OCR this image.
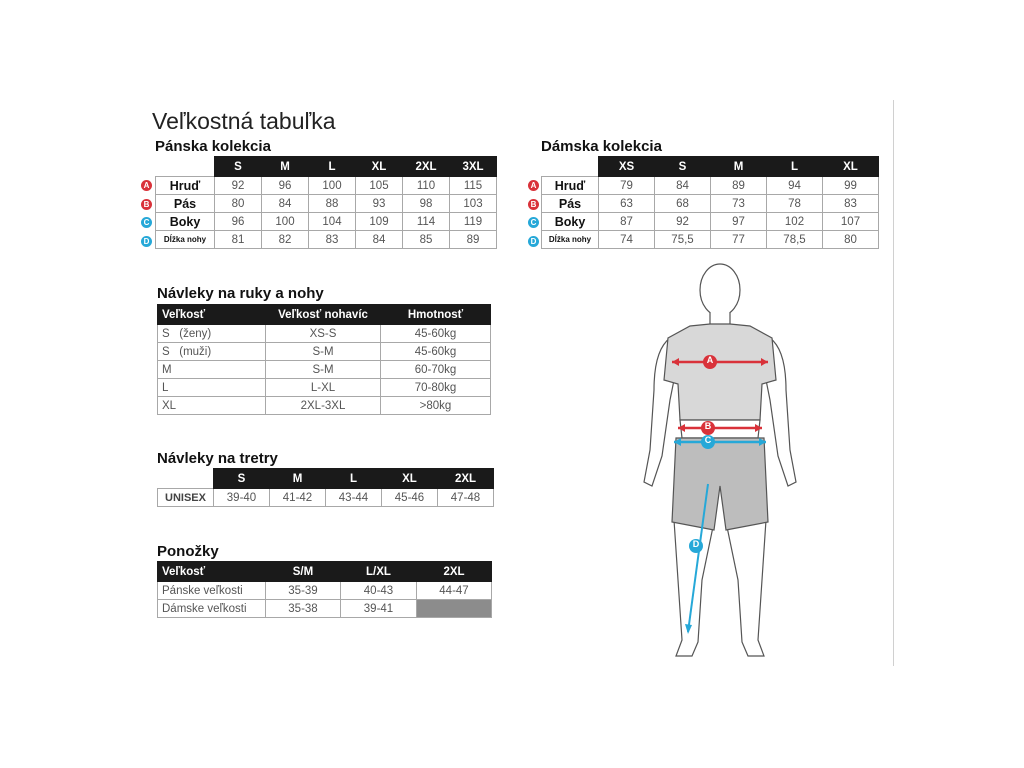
Veľkostná tabuľka
Pánska kolekcia
	S	M	L	XL	2XL	3XL
Hruď	92	96	100	105	110	115
Pás	80	84	88	93	98	103
Boky	96	100	104	109	114	119
Dĺžka nohy	81	82	83	84	85	89
A
B
C
D
Dámska kolekcia
	XS	S	M	L	XL
Hruď	79	84	89	94	99
Pás	63	68	73	78	83
Boky	87	92	97	102	107
Dĺžka nohy	74	75,5	77	78,5	80
A
B
C
D
Návleky na ruky a nohy
Veľkosť	Veľkosť nohavíc	Hmotnosť
S   (ženy)	XS-S	45-60kg
S   (muži)	S-M	45-60kg
M	S-M	60-70kg
L	L-XL	70-80kg
XL	2XL-3XL	>80kg
Návleky na tretry
	S	M	L	XL	2XL
UNISEX	39-40	41-42	43-44	45-46	47-48
Ponožky
Veľkosť	S/M	L/XL	2XL
Pánske veľkosti	35-39	40-43	44-47
Dámske veľkosti	35-38	39-41	
A
B
C
D
